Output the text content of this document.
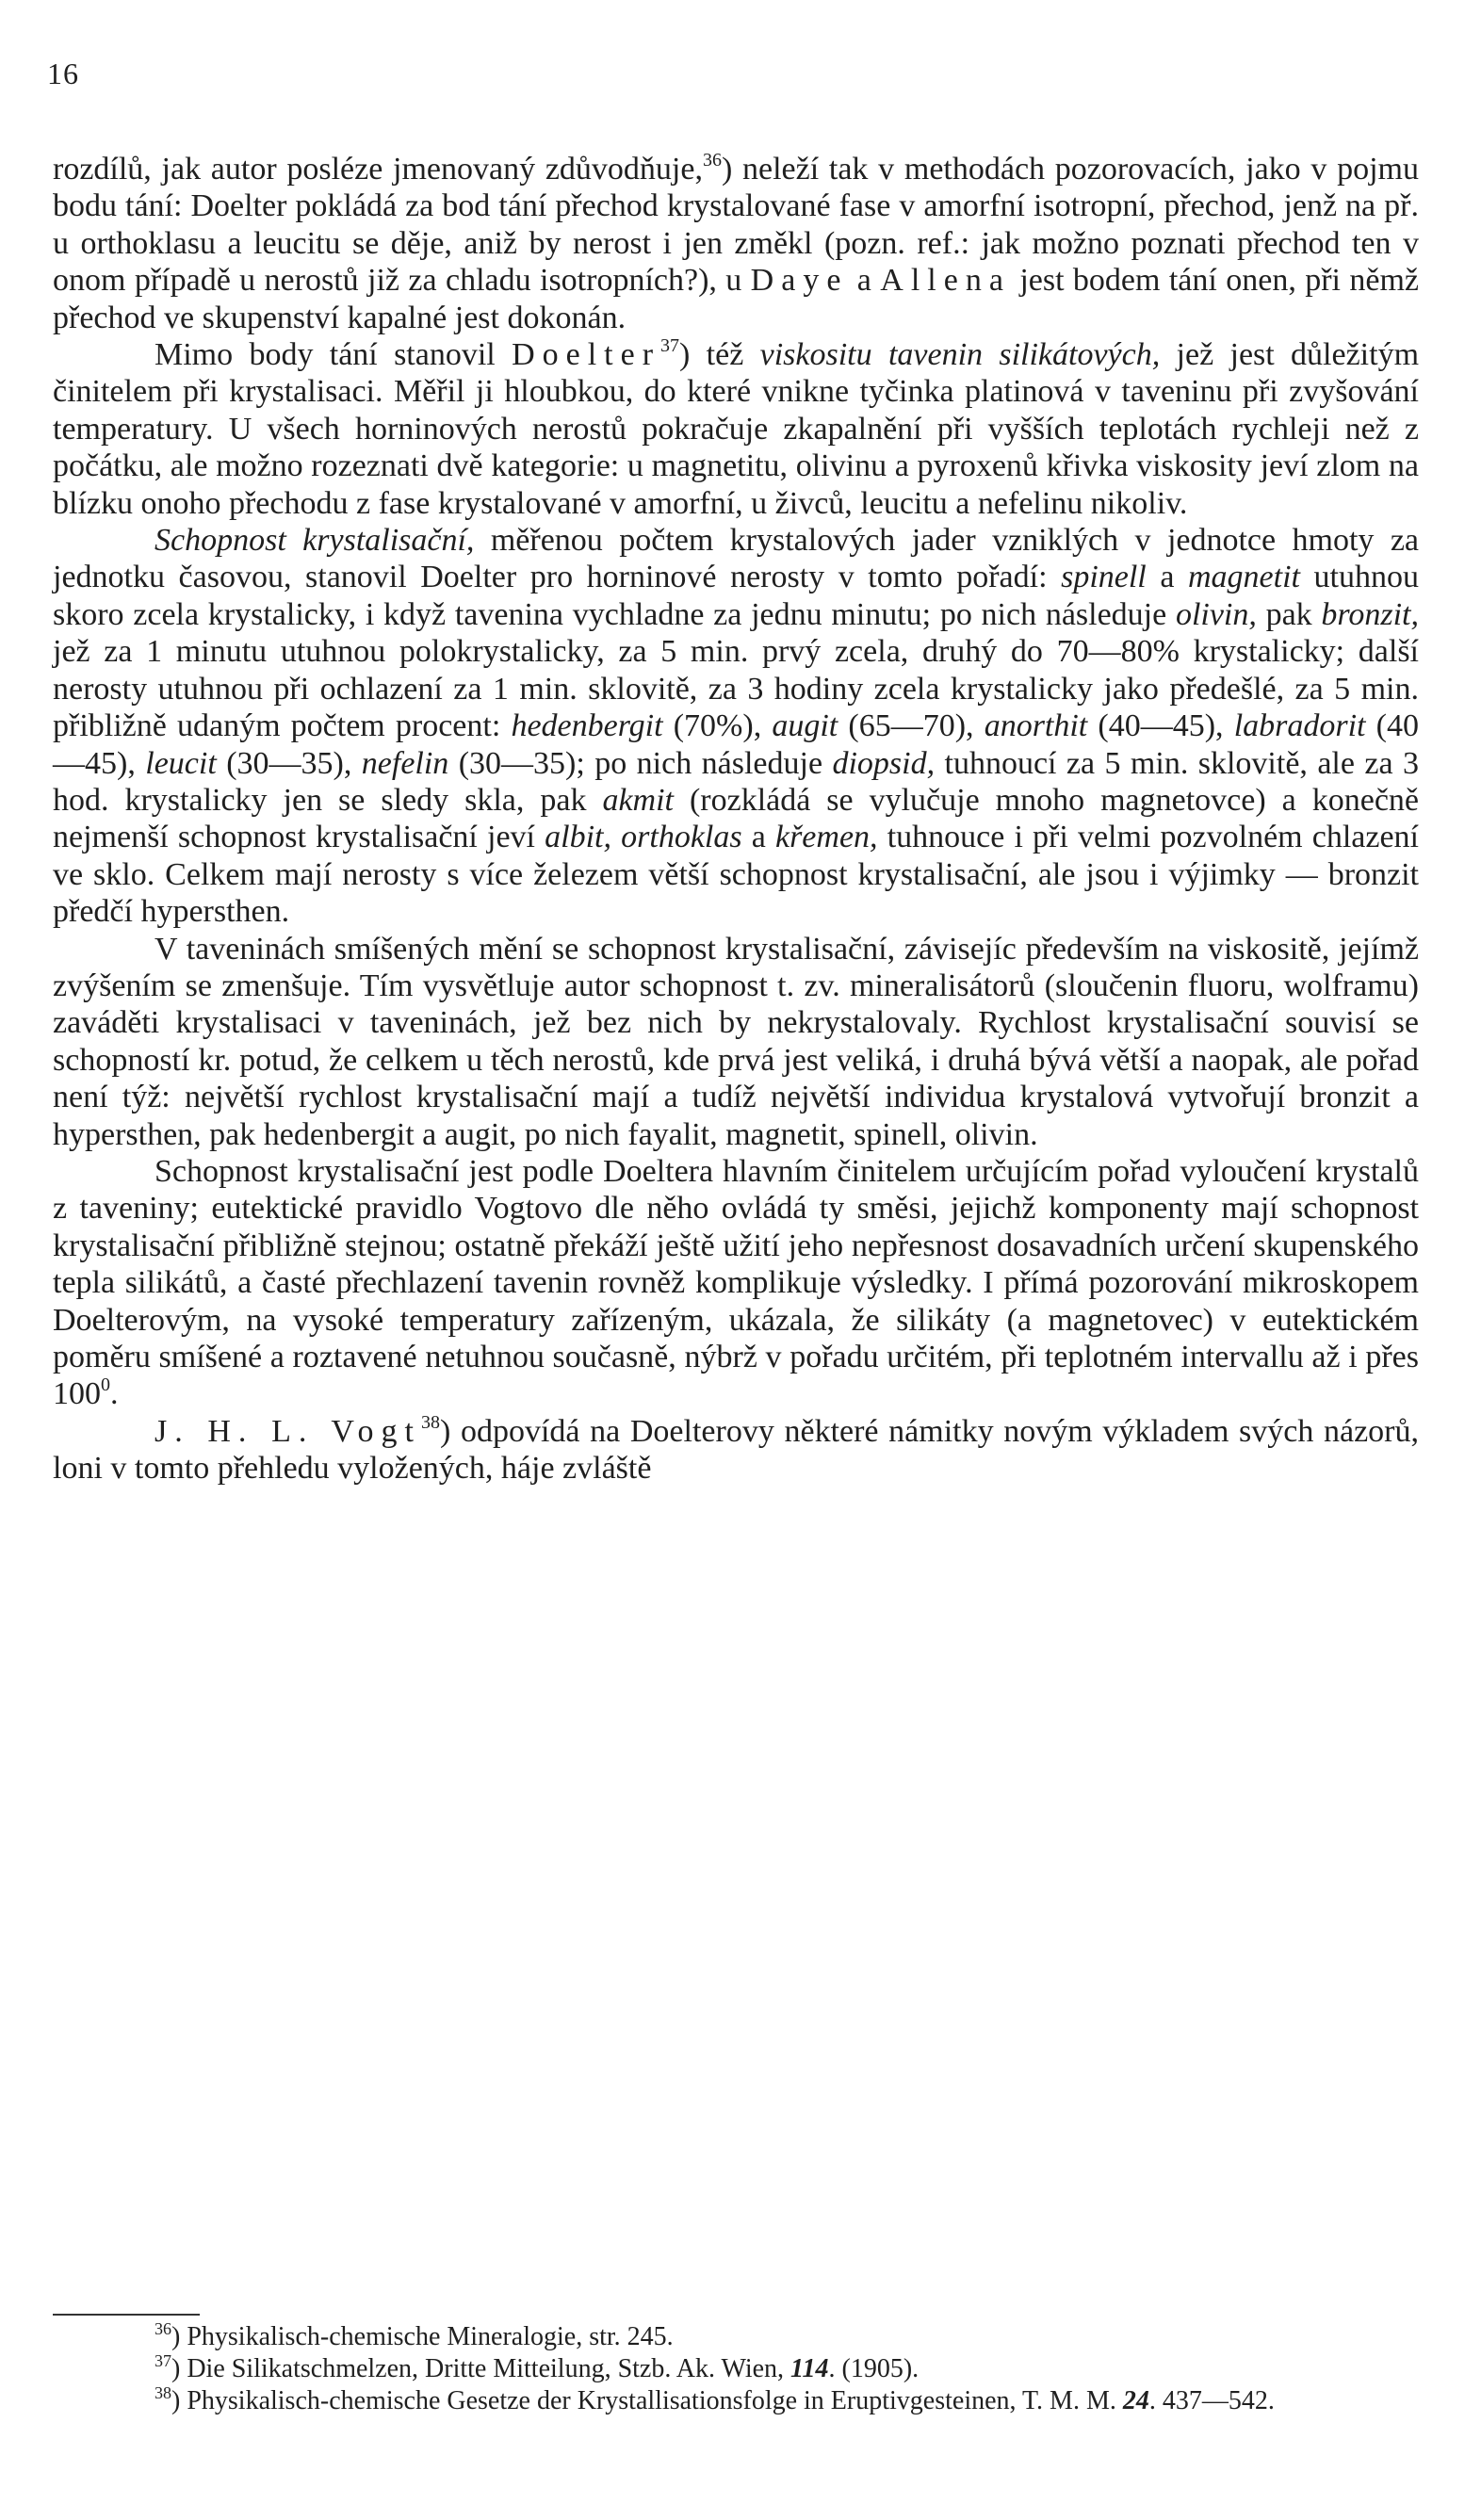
16

rozdílů, jak autor posléze jmenovaný zdůvodňuje,$^{36}$) neleží tak v methodách pozorovacích, jako v pojmu bodu tání: Doelter pokládá za bod tání přechod krystalované fase v amorfní isotropní, přechod, jenž na př. u orthoklasu a leucitu se děje, aniž by nerost i jen změkl (pozn. ref.: jak možno poznati přechod ten v onom případě u nerostů již za chladu isotropních?), u Daye a Allena jest bodem tání onen, při němž přechod ve skupenství kapalné jest dokonán.

Mimo body tání stanovil Doelter$^{37}$) též viskositu tavenin silikátových, jež jest důležitým činitelem při krystalisaci. Měřil ji hloubkou, do které vnikne tyčinka platinová v taveninu při zvyšování temperatury. U všech horninových nerostů pokračuje zkapalnění při vyšších teplotách rychleji než z počátku, ale možno rozeznati dvě kategorie: u magnetitu, olivinu a pyroxenů křivka viskosity jeví zlom na blízku onoho přechodu z fase krystalované v amorfní, u živců, leucitu a nefelinu nikoliv.

Schopnost krystalisační, měřenou počtem krystalových jader vzniklých v jednotce hmoty za jednotku časovou, stanovil Doelter pro horninové nerosty v tomto pořadí: spinell a magnetit utuhnou skoro zcela krystalicky, i když tavenina vychladne za jednu minutu; po nich následuje olivin, pak bronzit, jež za 1 minutu utuhnou polokrystalicky, za 5 min. prvý zcela, druhý do 70—80% krystalicky; další nerosty utuhnou při ochlazení za 1 min. sklovitě, za 3 hodiny zcela krystalicky jako předešlé, za 5 min. přibližně udaným počtem procent: hedenbergit (70%), augit (65—70), anorthit (40—45), labradorit (40—45), leucit (30—35), nefelin (30—35); po nich následuje diopsid, tuhnoucí za 5 min. sklovitě, ale za 3 hod. krystalicky jen se sledy skla, pak akmit (rozkládá se vylučuje mnoho magnetovce) a konečně nejmenší schopnost krystalisační jeví albit, orthoklas a křemen, tuhnouce i při velmi pozvolném chlazení ve sklo. Celkem mají nerosty s více železem větší schopnost krystalisační, ale jsou i výjimky — bronzit předčí hypersthen.

V taveninách smíšených mění se schopnost krystalisační, závisejíc především na viskositě, jejímž zvýšením se zmenšuje. Tím vysvětluje autor schopnost t. zv. mineralisátorů (sloučenin fluoru, wolframu) zaváděti krystalisaci v taveninách, jež bez nich by nekrystalovaly. Rychlost krystalisační souvisí se schopností kr. potud, že celkem u těch nerostů, kde prvá jest veliká, i druhá bývá větší a naopak, ale pořad není týž: největší rychlost krystalisační mají a tudíž největší individua krystalová vytvořují bronzit a hypersthen, pak hedenbergit a augit, po nich fayalit, magnetit, spinell, olivin.

Schopnost krystalisační jest podle Doeltera hlavním činitelem určujícím pořad vyloučení krystalů z taveniny; eutektické pravidlo Vogtovo dle něho ovládá ty směsi, jejichž komponenty mají schopnost krystalisační přibližně stejnou; ostatně překáží ještě užití jeho nepřesnost dosavadních určení skupenského tepla silikátů, a časté přechlazení tavenin rovněž komplikuje výsledky. I přímá pozorování mikroskopem Doelterovým, na vysoké temperatury zařízeným, ukázala, že silikáty (a magnetovec) v eutektickém poměru smíšené a roztavené netuhnou současně, nýbrž v pořadu určitém, při teplotném intervallu až i přes $100^0$.

J. H. L. Vogt$^{38}$) odpovídá na Doelterovy některé námitky novým výkladem svých názorů, loni v tomto přehledu vyložených, háje zvláště

$^{36}$) Physikalisch-chemische Mineralogie, str. 245.

$^{37}$) Die Silikatschmelzen, Dritte Mitteilung, Stzb. Ak. Wien, 114. (1905).

$^{38}$) Physikalisch-chemische Gesetze der Krystallisationsfolge in Eruptivgesteinen, T. M. M. 24. 437—542.
